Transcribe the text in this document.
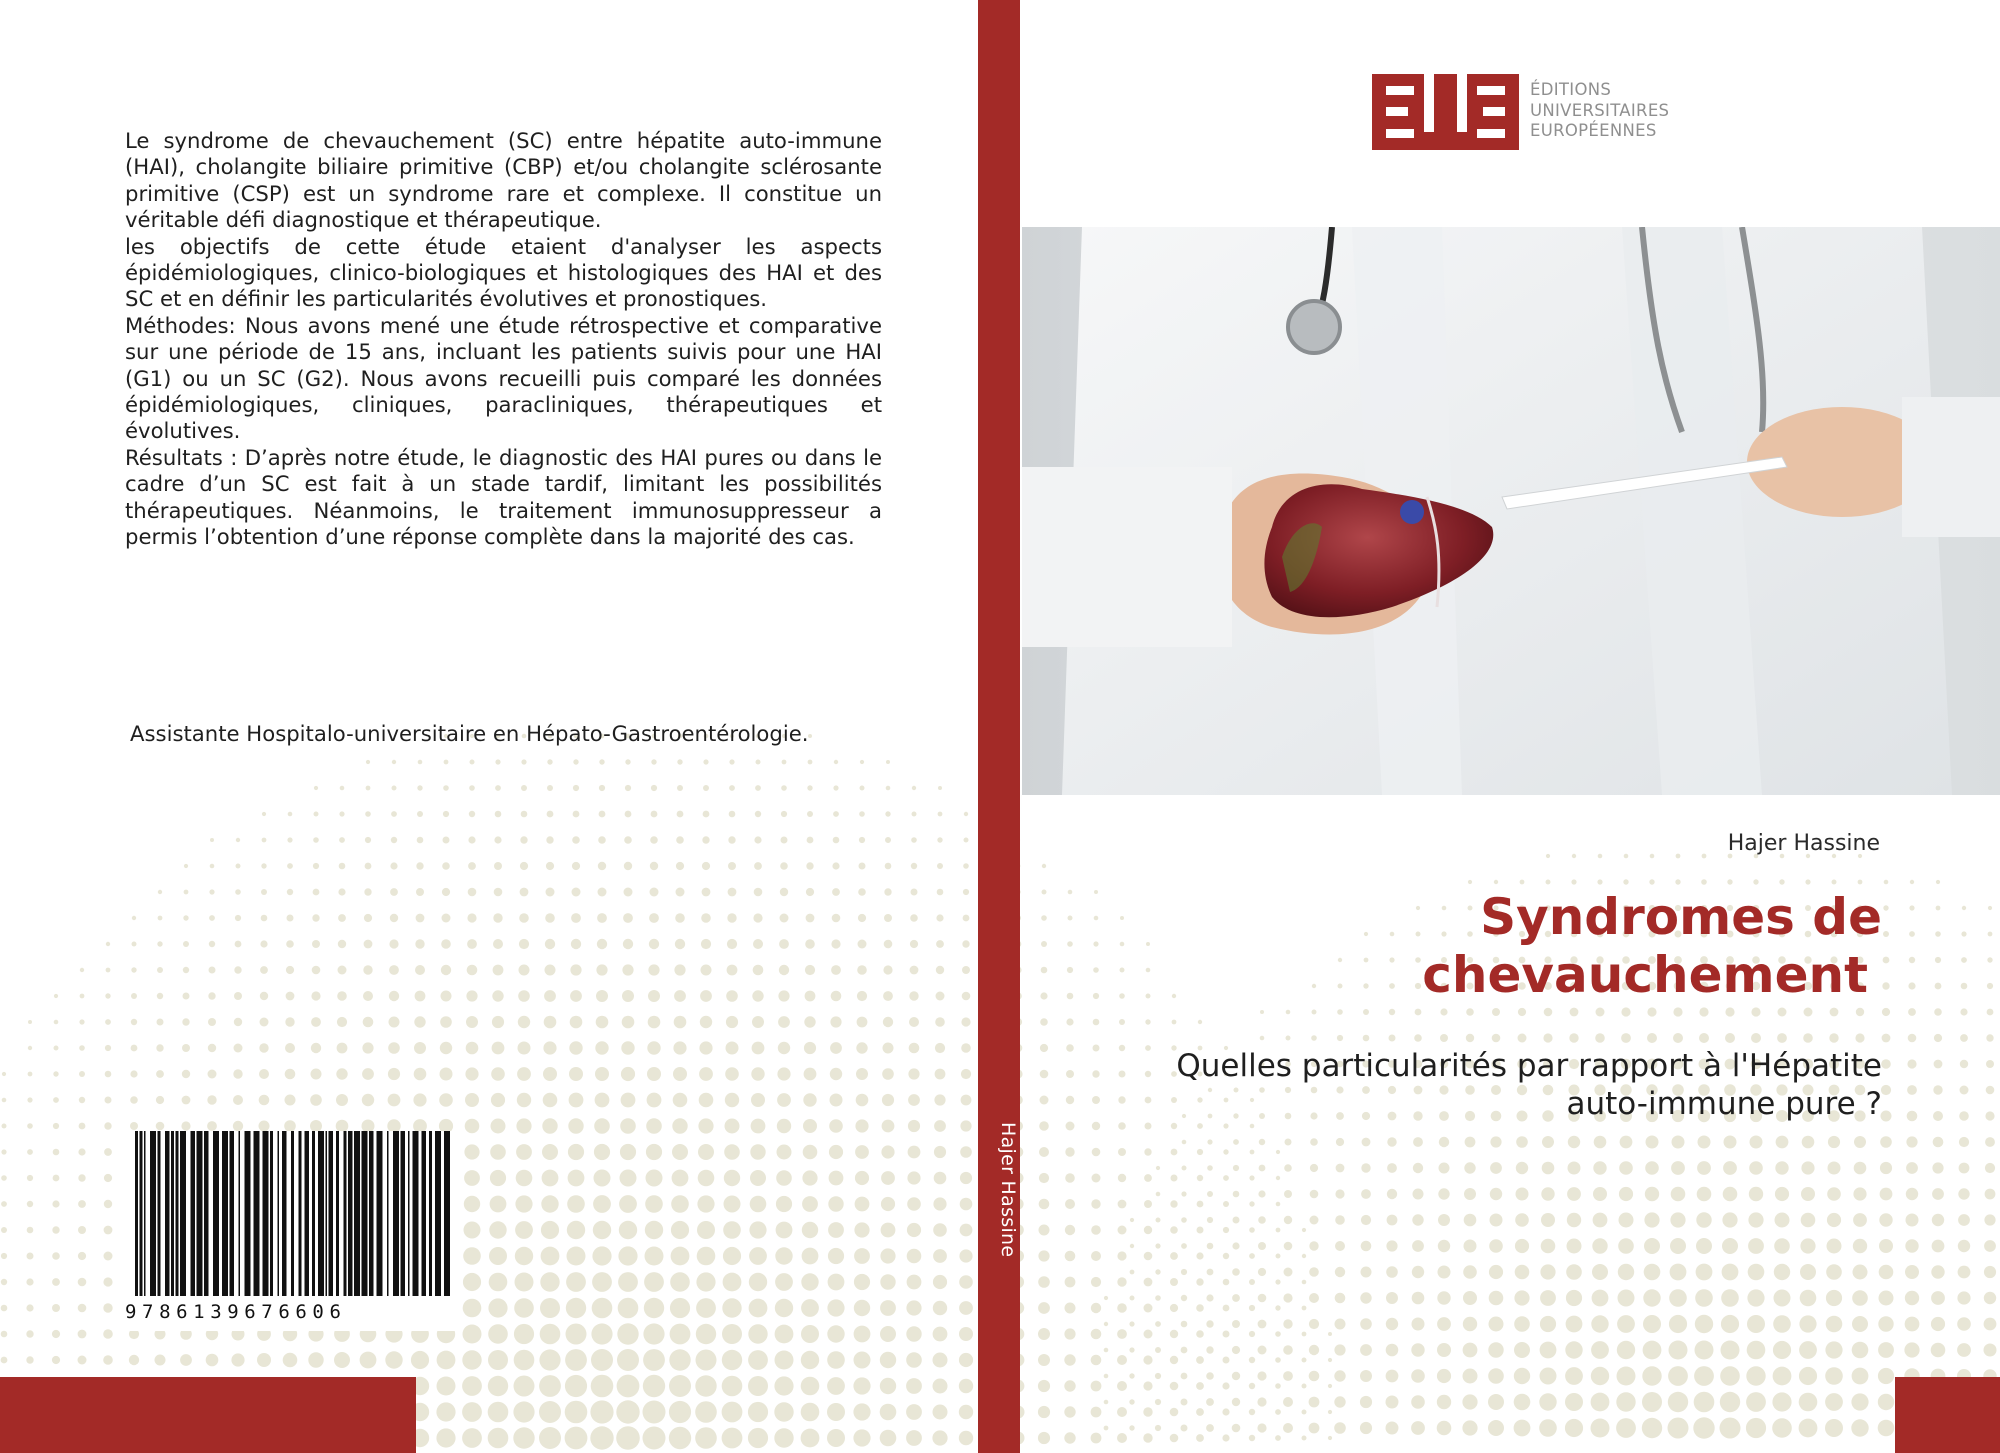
Le syndrome de chevauchement (SC) entre hépatite auto-immune (HAI), cholangite biliaire primitive (CBP) et/ou cholangite sclérosante primitive (CSP) est un syndrome rare et complexe. Il constitue un véritable défi diagnostique et thérapeutique.

les objectifs de cette étude etaient d'analyser les aspects épidémiologiques, clinico-biologiques et histologiques des HAI et des SC et en définir les particularités évolutives et pronostiques.

Méthodes: Nous avons mené une étude rétrospective et comparative sur une période de 15 ans, incluant les patients suivis pour une HAI (G1) ou un SC (G2). Nous avons recueilli puis comparé les données épidémiologiques, cliniques, paracliniques, thérapeutiques et évolutives.

Résultats : D’après notre étude, le diagnostic des HAI pures ou dans le cadre d’un SC est fait à un stade tardif, limitant les possibilités thérapeutiques. Néanmoins, le traitement immunosuppresseur a permis l’obtention d’une réponse complète dans la majorité des cas.

Assistante Hospitalo-universitaire en Hépato-Gastroentérologie.
9786139676606
Hajer Hassine
ÉDITIONS
UNIVERSITAIRES
EUROPÉENNES
Hajer Hassine
Syndromes de
chevauchement
Quelles particularités par rapport à l'Hépatite
auto-immune pure ?
